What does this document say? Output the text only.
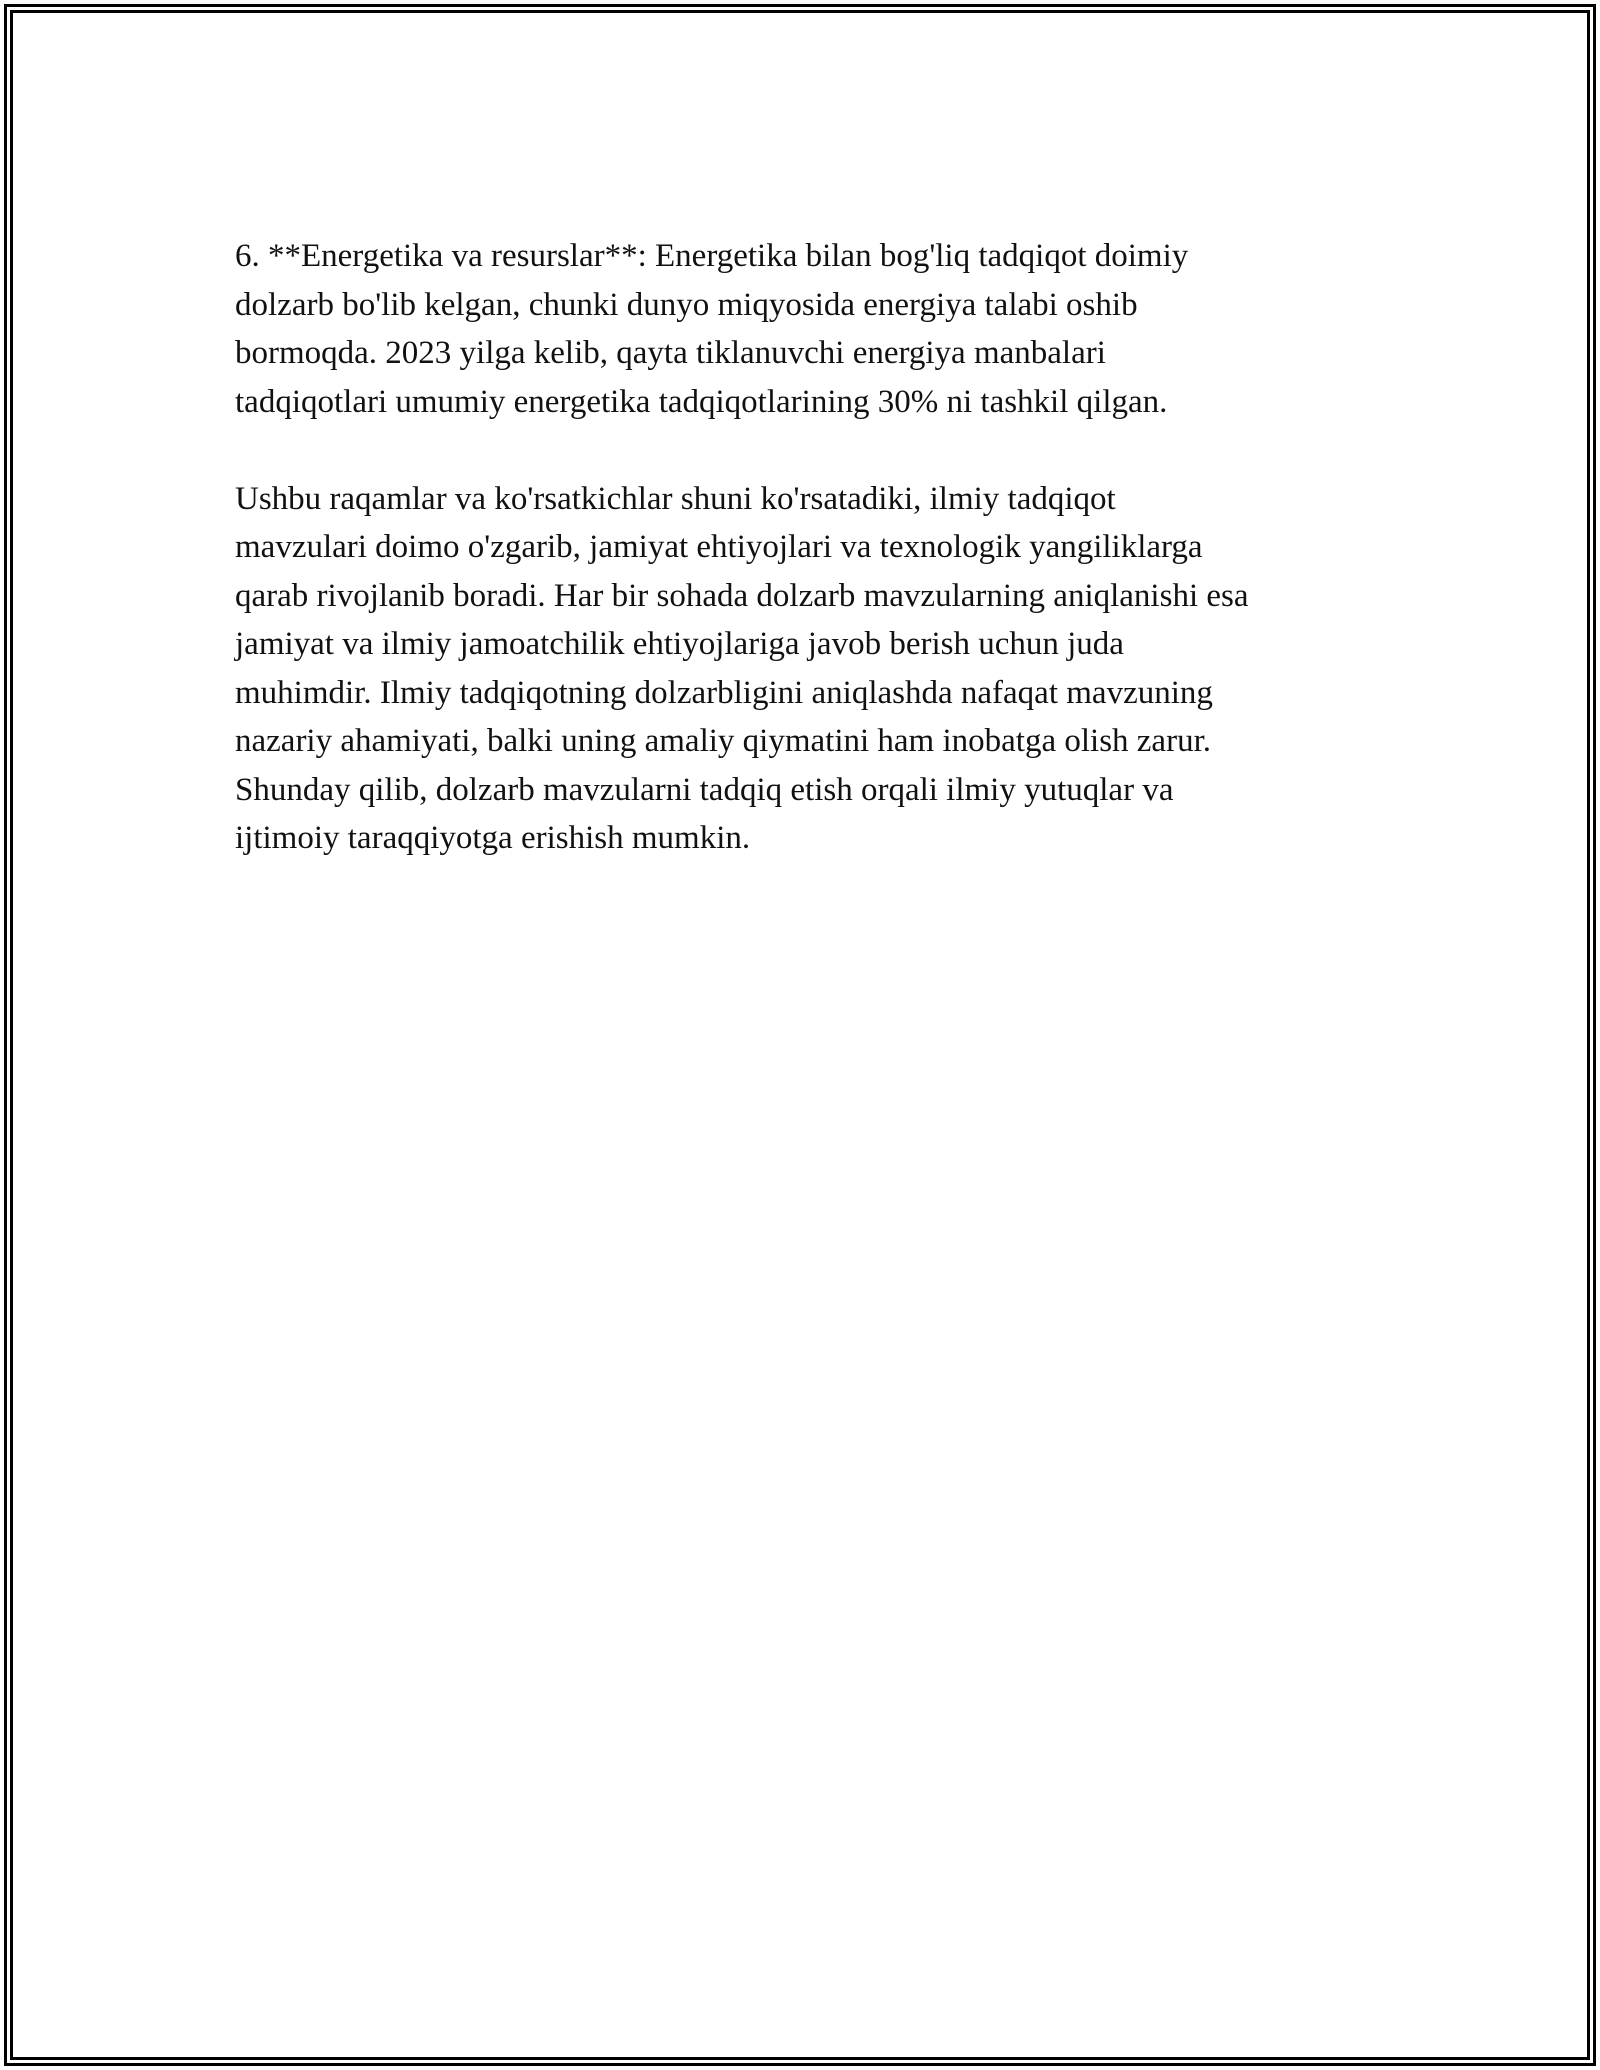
6. **Energetika va resurslar**: Energetika bilan bog'liq tadqiqot doimiy
dolzarb bo'lib kelgan, chunki dunyo miqyosida energiya talabi oshib
bormoqda. 2023 yilga kelib, qayta tiklanuvchi energiya manbalari
tadqiqotlari umumiy energetika tadqiqotlarining 30% ni tashkil qilgan.

Ushbu raqamlar va ko'rsatkichlar shuni ko'rsatadiki, ilmiy tadqiqot
mavzulari doimo o'zgarib, jamiyat ehtiyojlari va texnologik yangiliklarga
qarab rivojlanib boradi. Har bir sohada dolzarb mavzularning aniqlanishi esa
jamiyat va ilmiy jamoatchilik ehtiyojlariga javob berish uchun juda
muhimdir. Ilmiy tadqiqotning dolzarbligini aniqlashda nafaqat mavzuning
nazariy ahamiyati, balki uning amaliy qiymatini ham inobatga olish zarur.
Shunday qilib, dolzarb mavzularni tadqiq etish orqali ilmiy yutuqlar va
ijtimoiy taraqqiyotga erishish mumkin.
